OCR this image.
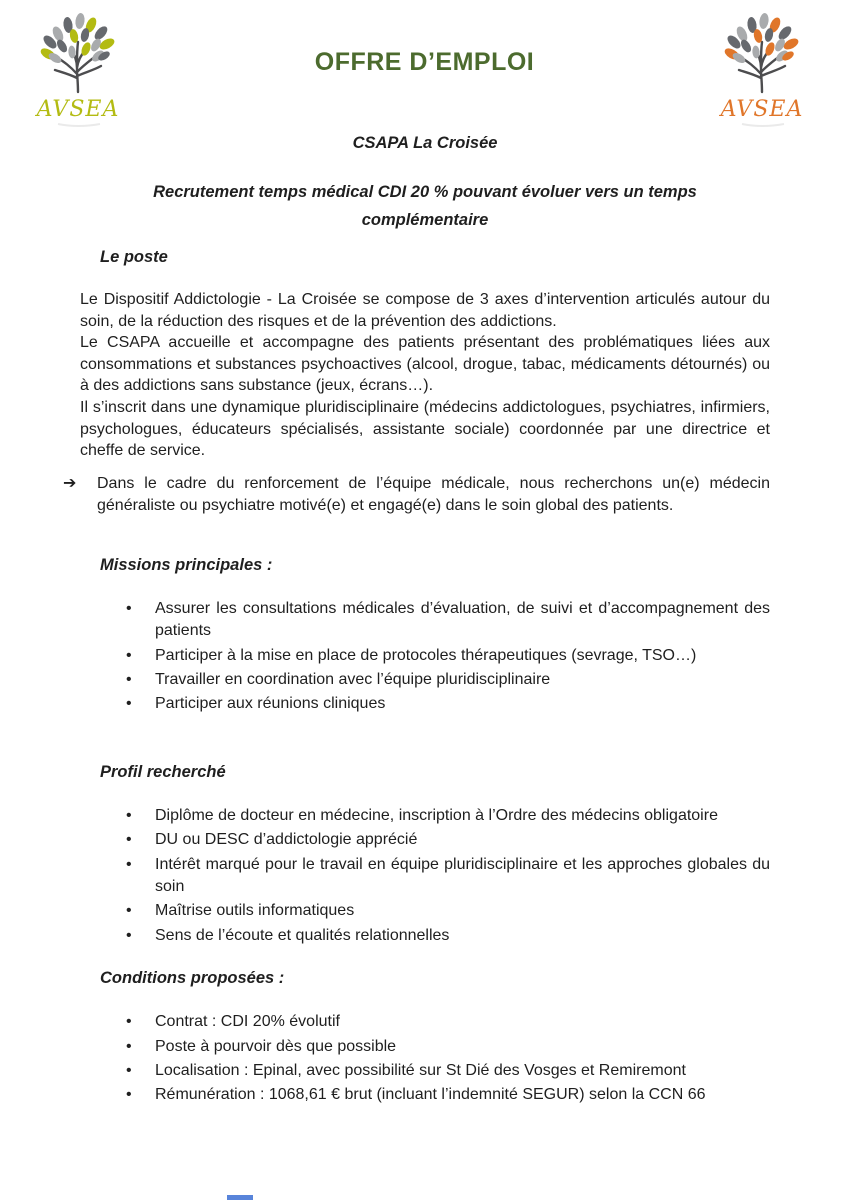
AVSEA
OFFRE D’EMPLOI
AVSEA
CSAPA La Croisée
Recrutement temps médical CDI 20 % pouvant évoluer vers un temps complémentaire
Le poste

Le Dispositif Addictologie - La Croisée se compose de 3 axes d’intervention articulés autour du soin, de la réduction des risques et de la prévention des addictions.

Le CSAPA accueille et accompagne des patients présentant des problématiques liées aux consommations et substances psychoactives (alcool, drogue, tabac, médicaments détournés) ou à des addictions sans substance (jeux, écrans…).

Il s’inscrit dans une dynamique pluridisciplinaire (médecins addictologues, psychiatres, infirmiers, psychologues, éducateurs spécialisés, assistante sociale) coordonnée par une directrice et cheffe de service.

➔	Dans le cadre du renforcement de l’équipe médicale, nous recherchons un(e) médecin généraliste ou psychiatre motivé(e) et engagé(e) dans le soin global des patients.

Missions principales :
• Assurer les consultations médicales d’évaluation, de suivi et d’accompagnement des patients
• Participer à la mise en place de protocoles thérapeutiques (sevrage, TSO…)
• Travailler en coordination avec l’équipe pluridisciplinaire
• Participer aux réunions cliniques
Profil recherché
• Diplôme de docteur en médecine, inscription à l’Ordre des médecins obligatoire
• DU ou DESC d’addictologie apprécié
• Intérêt marqué pour le travail en équipe pluridisciplinaire et les approches globales du soin
• Maîtrise outils informatiques
• Sens de l’écoute et qualités relationnelles
Conditions proposées :
• Contrat : CDI 20% évolutif
• Poste à pourvoir dès que possible
• Localisation : Epinal, avec possibilité sur St Dié des Vosges et Remiremont
• Rémunération : 1068,61 € brut (incluant l’indemnité SEGUR) selon la CCN 66
